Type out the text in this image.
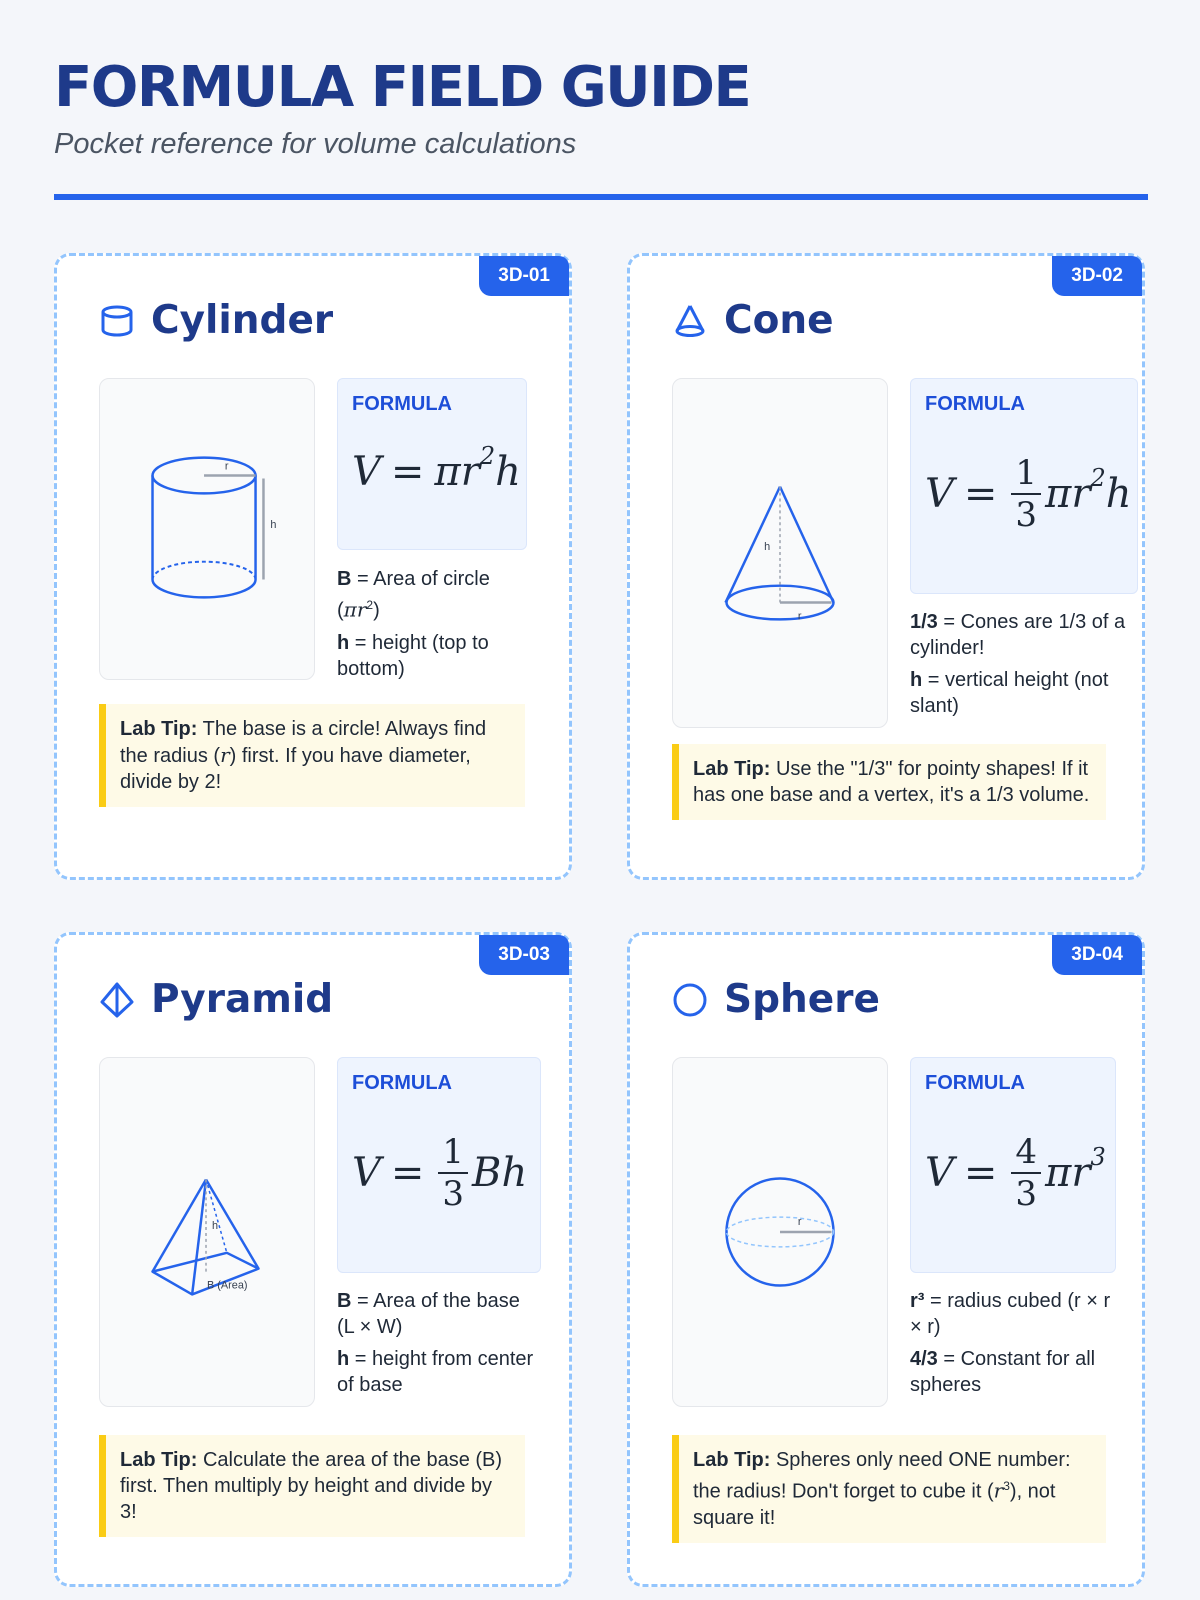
FORMULA FIELD GUIDE
Pocket reference for volume calculations
3D-01
Cylinder
r
h
FORMULA
V = π $r^2$ h
B = Area of circle $(\pi r^2)$
h = height (top to bottom)
Lab Tip: The base is a circle! Always find the radius (r) first. If you have diameter, divide by 2!
3D-02
Cone
h
r
FORMULA
$V = \frac{1}{3}$ π $r^2$ h
1/3 = Cones are 1/3 of a cylinder!
h = vertical height (not slant)
Lab Tip: Use the "1/3" for pointy shapes! If it has one base and a vertex, it's a 1/3 volume.
3D-03
Pyramid
h
B (Area)
FORMULA
$V = \frac{1}{3}$ Bh
B = Area of the base (L × W)
h = height from center of base
Lab Tip: Calculate the area of the base (B) first. Then multiply by height and divide by 3!
3D-04
Sphere
r
FORMULA
$V = \frac{4}{3}$ π $r^3$
r³ = radius cubed (r × r × r)
4/3 = Constant for all spheres
Lab Tip: Spheres only need ONE number: the radius! Don't forget to cube it $(r^3)$, not square it!
